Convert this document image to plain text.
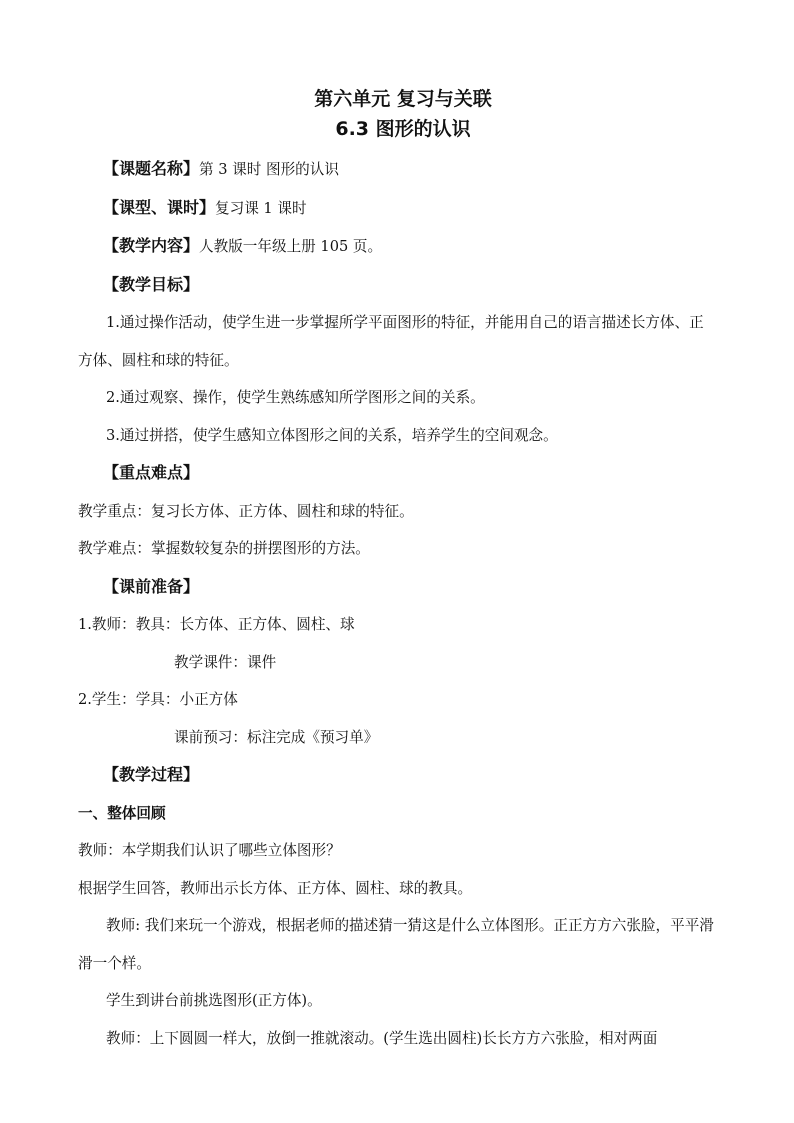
第六单元 复习与关联

6.3 图形的认识

【课题名称】第 3 课时 图形的认识

【课型、课时】复习课 1 课时

【教学内容】人教版一年级上册 105 页。

【教学目标】

1.通过操作活动，使学生进一步掌握所学平面图形的特征，并能用自己的语言描述长方体、正方体、圆柱和球的特征。

2.通过观察、操作，使学生熟练感知所学图形之间的关系。

3.通过拼搭，使学生感知立体图形之间的关系，培养学生的空间观念。

【重点难点】

教学重点：复习长方体、正方体、圆柱和球的特征。

教学难点：掌握数较复杂的拼摆图形的方法。

【课前准备】

1.教师：教具：长方体、正方体、圆柱、球

教学课件：课件

2.学生：学具：小正方体

课前预习：标注完成《预习单》

【教学过程】

一、整体回顾

教师：本学期我们认识了哪些立体图形？

根据学生回答，教师出示长方体、正方体、圆柱、球的教具。

教师: 我们来玩一个游戏，根据老师的描述猜一猜这是什么立体图形。正正方方六张脸，平平滑滑一个样。

学生到讲台前挑选图形(正方体)。

教师：上下圆圆一样大，放倒一推就滚动。(学生选出圆柱)长长方方六张脸，相对两面
